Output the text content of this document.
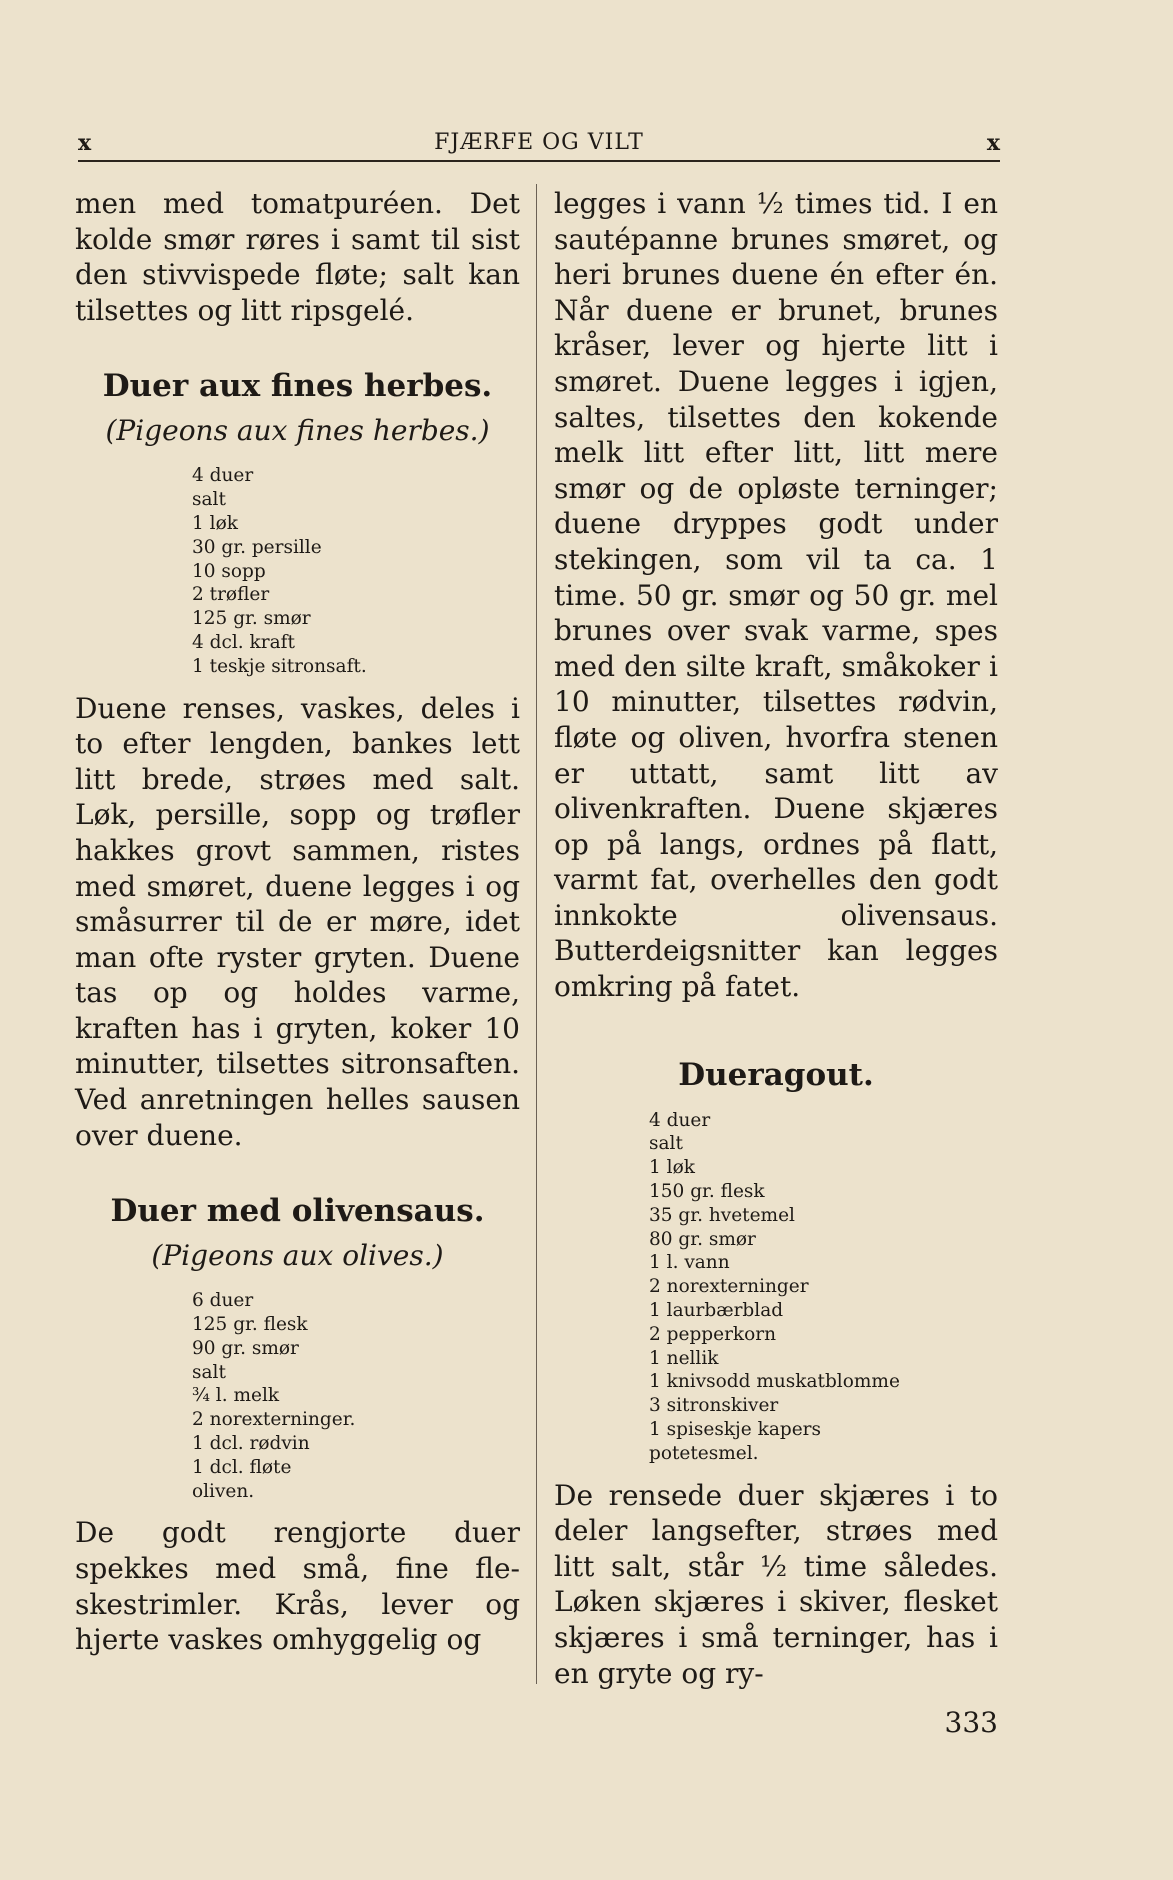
x	FJÆRFE OG VILT	x

men med tomatpuréen. Det kolde smør røres i samt til sist den stivvispede fløte; salt kan tilsettes og litt ripsgelé.

Duer aux fines herbes.
(Pigeons aux fines herbes.)
4 duer
salt
1 løk
30 gr. persille
10 sopp
2 trøfler
125 gr. smør
4 dcl. kraft
1 teskje sitronsaft.

Duene renses, vaskes, deles i to efter lengden, bankes lett litt brede, strøes med salt. Løk, persille, sopp og trøfler hakkes grovt sammen, ristes med smøret, duene legges i og småsurrer til de er møre, idet man ofte ryster gryten. Duene tas op og holdes varme, kraften has i gryten, koker 10 minutter, tilsettes sitronsaften. Ved anretningen helles sausen over duene.

Duer med olivensaus.
(Pigeons aux olives.)
6 duer
125 gr. flesk
90 gr. smør
salt
¾ l. melk
2 norexterninger.
1 dcl. rødvin
1 dcl. fløte
oliven.

De godt rengjorte duer spekkes med små, fine fleskestrimler. Krås, lever og hjerte vaskes omhyggelig og

legges i vann ½ times tid. I en sautépanne brunes smøret, og heri brunes duene én efter én. Når duene er brunet, brunes kråser, lever og hjerte litt i smøret. Duene legges i igjen, saltes, tilsettes den kokende melk litt efter litt, litt mere smør og de opløste terninger; duene dryppes godt under stekingen, som vil ta ca. 1 time. 50 gr. smør og 50 gr. mel brunes over svak varme, spes med den silte kraft, småkoker i 10 minutter, tilsettes rødvin, fløte og oliven, hvorfra stenen er uttatt, samt litt av olivenkraften. Duene skjæres op på langs, ordnes på flatt, varmt fat, overhelles den godt innkokte olivensaus. Butterdeigsnitter kan legges omkring på fatet.

Dueragout.
4 duer
salt
1 løk
150 gr. flesk
35 gr. hvetemel
80 gr. smør
1 l. vann
2 norexterninger
1 laurbærblad
2 pepperkorn
1 nellik
1 knivsodd muskatblomme
3 sitronskiver
1 spiseskje kapers
potetesmel.

De rensede duer skjæres i to deler langsefter, strøes med litt salt, står ½ time således. Løken skjæres i skiver, flesket skjæres i små terninger, has i en gryte og ry-

333
